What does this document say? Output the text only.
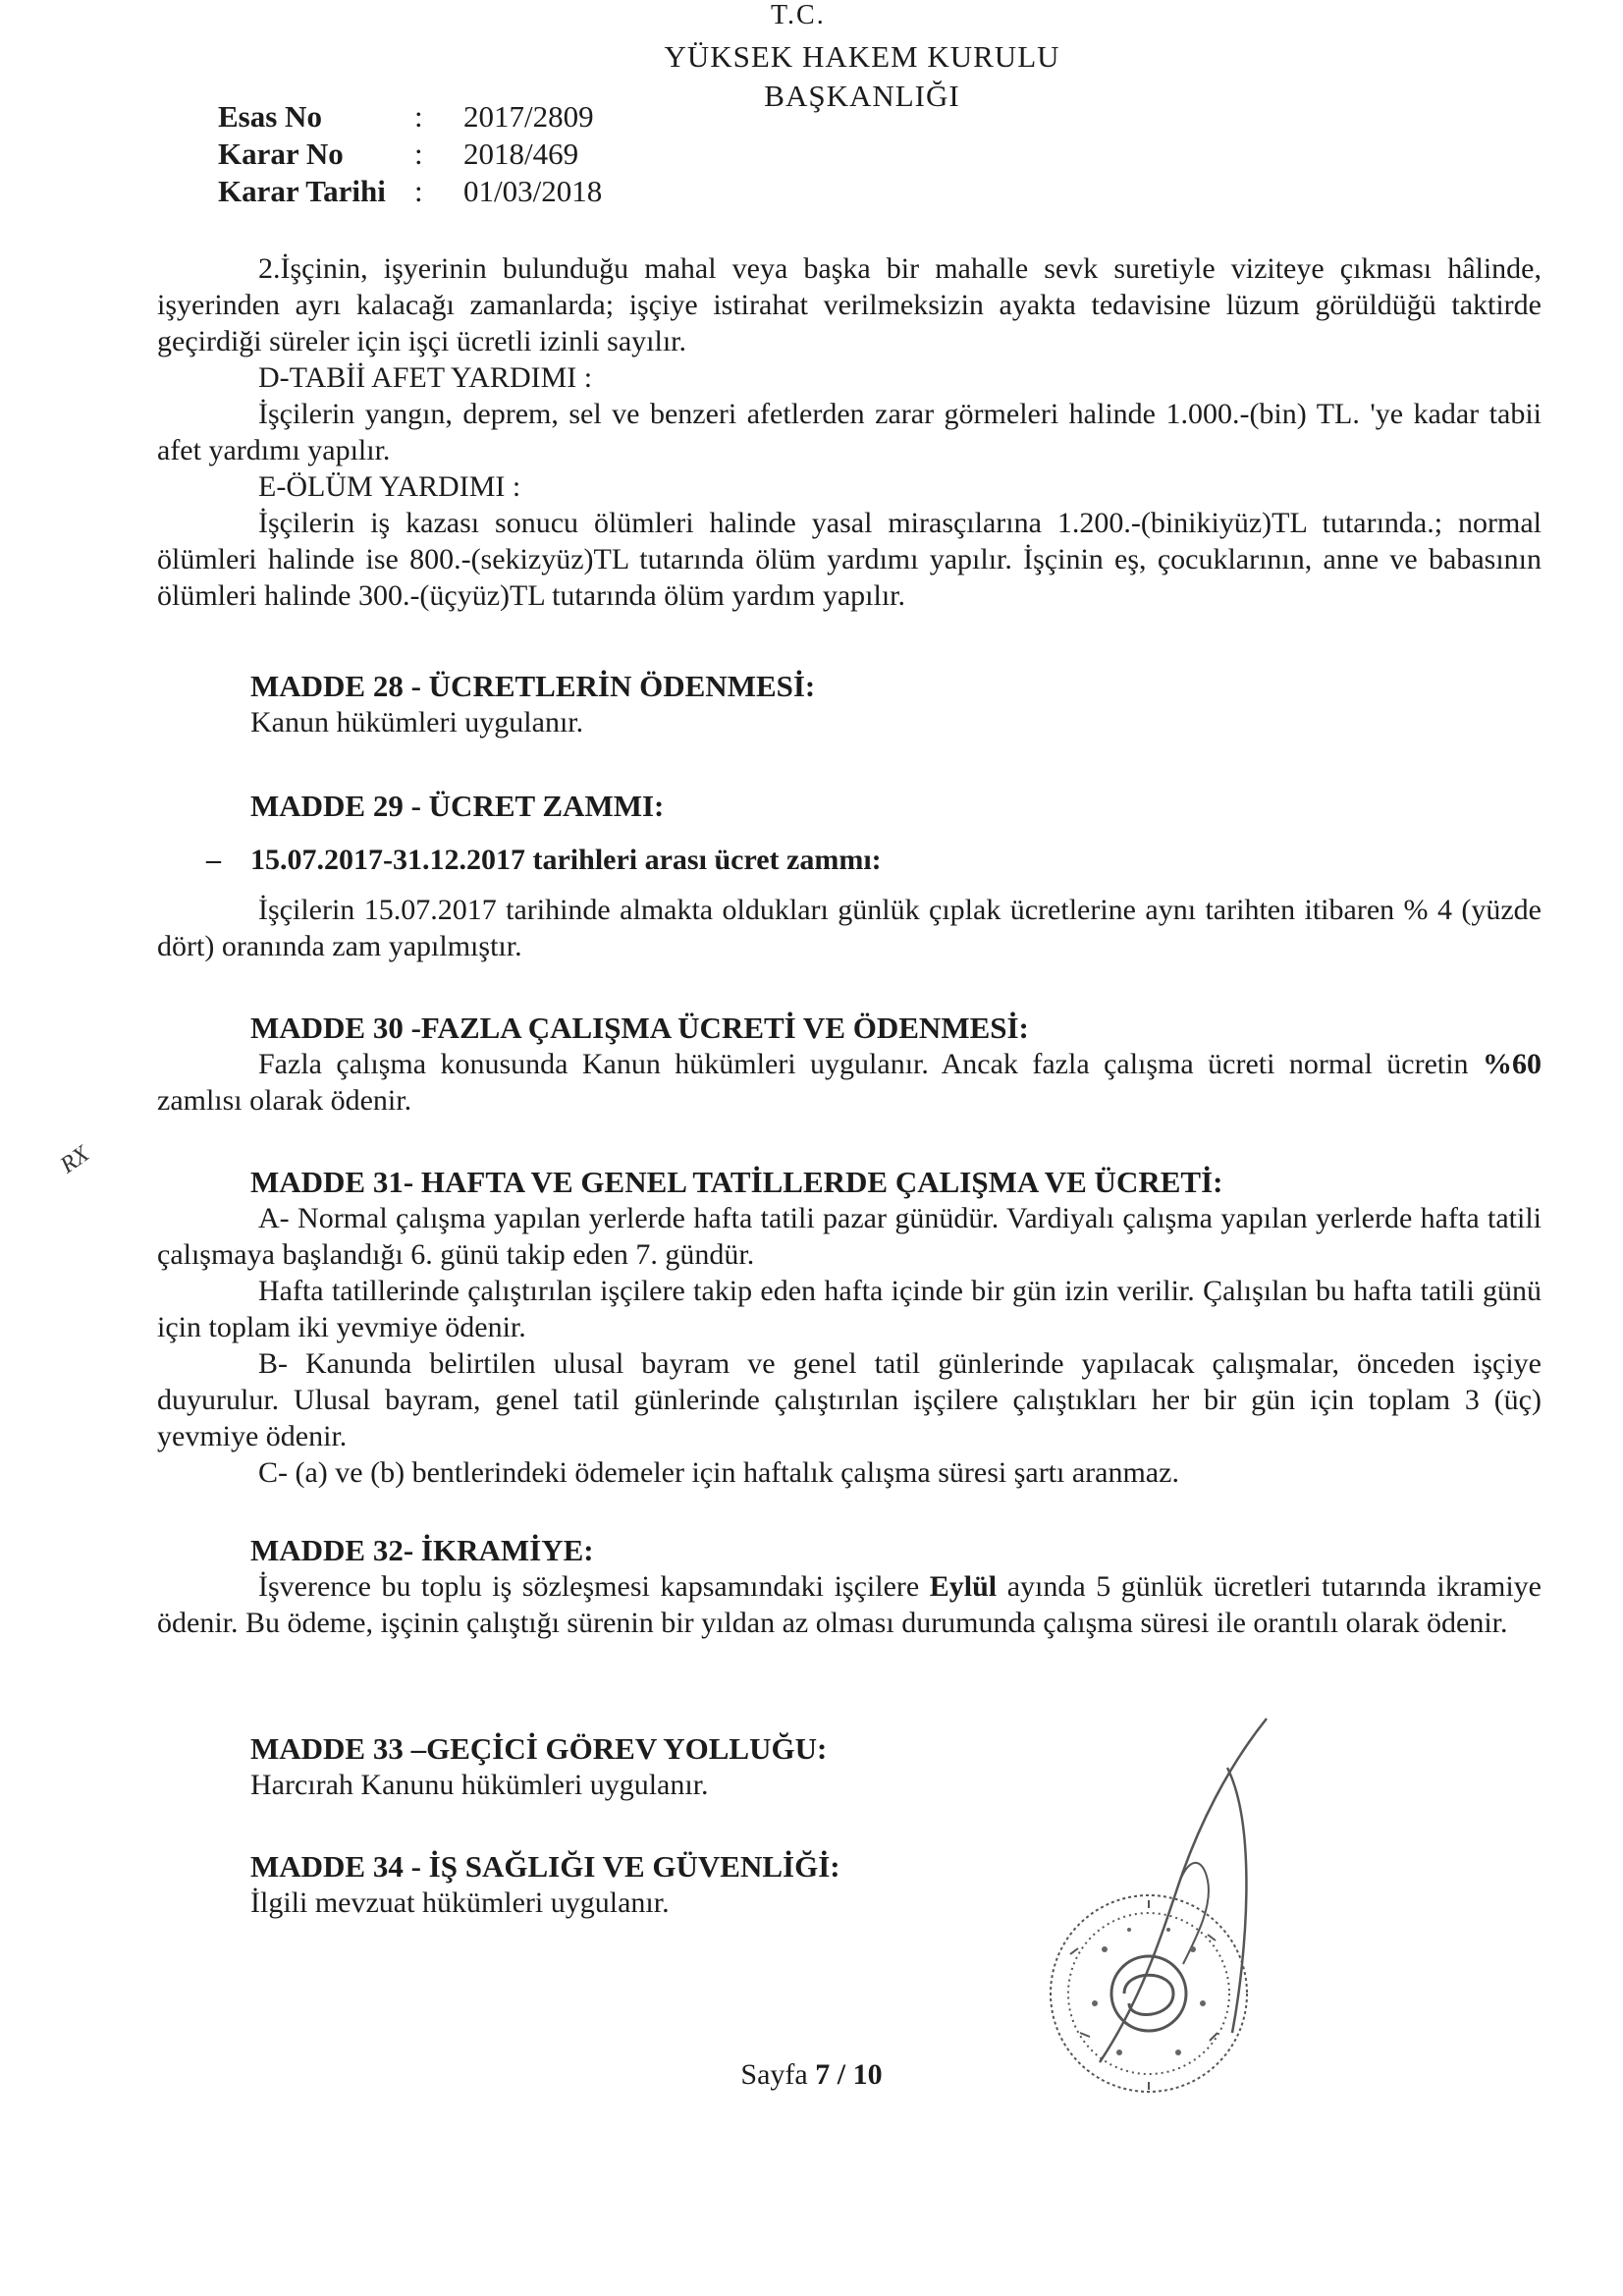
T.C.
YÜKSEK HAKEM KURULU
BAŞKANLIĞI
Esas No	:	2017/2809
Karar No	:	2018/469
Karar Tarihi :	01/03/2018

2.İşçinin, işyerinin bulunduğu mahal veya başka bir mahalle sevk suretiyle viziteye çıkması hâlinde, işyerinden ayrı kalacağı zamanlarda; işçiye istirahat verilmeksizin ayakta tedavisine lüzum görüldüğü taktirde geçirdiği süreler için işçi ücretli izinli sayılır.

D-TABİİ AFET YARDIMI :

İşçilerin yangın, deprem, sel ve benzeri afetlerden zarar görmeleri halinde 1.000.-(bin) TL. 'ye kadar tabii afet yardımı yapılır.

E-ÖLÜM YARDIMI :

İşçilerin iş kazası sonucu ölümleri halinde yasal mirasçılarına 1.200.-(binikiyüz)TL tutarında.; normal ölümleri halinde ise 800.-(sekizyüz)TL tutarında ölüm yardımı yapılır. İşçinin eş, çocuklarının, anne ve babasının ölümleri halinde 300.-(üçyüz)TL tutarında ölüm yardım yapılır.

MADDE 28 - ÜCRETLERİN ÖDENMESİ:

Kanun hükümleri uygulanır.

MADDE 29 - ÜCRET ZAMMI:

–	15.07.2017-31.12.2017 tarihleri arası ücret zammı:

İşçilerin 15.07.2017 tarihinde almakta oldukları günlük çıplak ücretlerine aynı tarihten itibaren % 4 (yüzde dört) oranında zam yapılmıştır.

MADDE 30 -FAZLA ÇALIŞMA ÜCRETİ VE ÖDENMESİ:

Fazla çalışma konusunda Kanun hükümleri uygulanır. Ancak fazla çalışma ücreti normal ücretin %60 zamlısı olarak ödenir.

MADDE 31- HAFTA VE GENEL TATİLLERDE ÇALIŞMA VE ÜCRETİ:

A- Normal çalışma yapılan yerlerde hafta tatili pazar günüdür. Vardiyalı çalışma yapılan yerlerde hafta tatili çalışmaya başlandığı 6. günü takip eden 7. gündür.

Hafta tatillerinde çalıştırılan işçilere takip eden hafta içinde bir gün izin verilir. Çalışılan bu hafta tatili günü için toplam iki yevmiye ödenir.

B- Kanunda belirtilen ulusal bayram ve genel tatil günlerinde yapılacak çalışmalar, önceden işçiye duyurulur. Ulusal bayram, genel tatil günlerinde çalıştırılan işçilere çalıştıkları her bir gün için toplam 3 (üç) yevmiye ödenir.

C- (a) ve (b) bentlerindeki ödemeler için haftalık çalışma süresi şartı aranmaz.

MADDE 32- İKRAMİYE:

İşverence bu toplu iş sözleşmesi kapsamındaki işçilere Eylül ayında 5 günlük ücretleri tutarında ikramiye ödenir. Bu ödeme, işçinin çalıştığı sürenin bir yıldan az olması durumunda çalışma süresi ile orantılı olarak ödenir.

MADDE 33 –GEÇİCİ GÖREV YOLLUĞU:

Harcırah Kanunu hükümleri uygulanır.

MADDE 34 - İŞ SAĞLIĞI VE GÜVENLİĞİ:

İlgili mevzuat hükümleri uygulanır.

RX
Sayfa 7 / 10
